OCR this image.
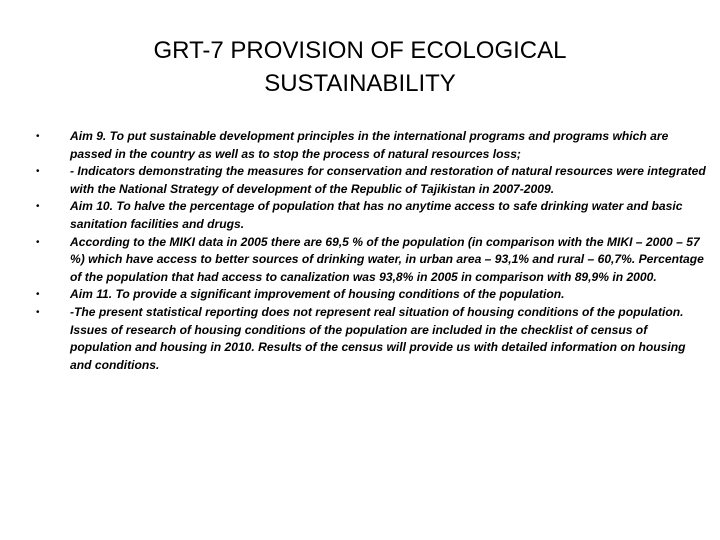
GRT-7 PROVISION OF ECOLOGICAL
SUSTAINABILITY
•	Aim 9. To put sustainable development principles in the international programs and programs which are passed in the country as well as to stop the process of natural resources loss;
•	- Indicators demonstrating the measures for conservation and restoration of natural resources were integrated with the National Strategy of development of the Republic of Tajikistan in 2007-2009.
•	Aim 10. To halve the percentage of population that has no anytime access to safe drinking water and basic sanitation facilities and drugs.
•	According to the MIKI data in 2005 there are 69,5 % of the population (in comparison with the MIKI – 2000 – 57 %) which have access to better sources of drinking water, in urban area – 93,1% and rural – 60,7%. Percentage of the population that had access to canalization was 93,8% in 2005 in comparison with 89,9% in 2000.
•	Aim 11. To provide a significant improvement of housing conditions of the population.
•	-The present statistical reporting does not represent real situation of housing conditions of the population. Issues of research of housing conditions of the population are included in the checklist of census of population and housing in 2010. Results of the census will provide us with detailed information on housing and conditions.
